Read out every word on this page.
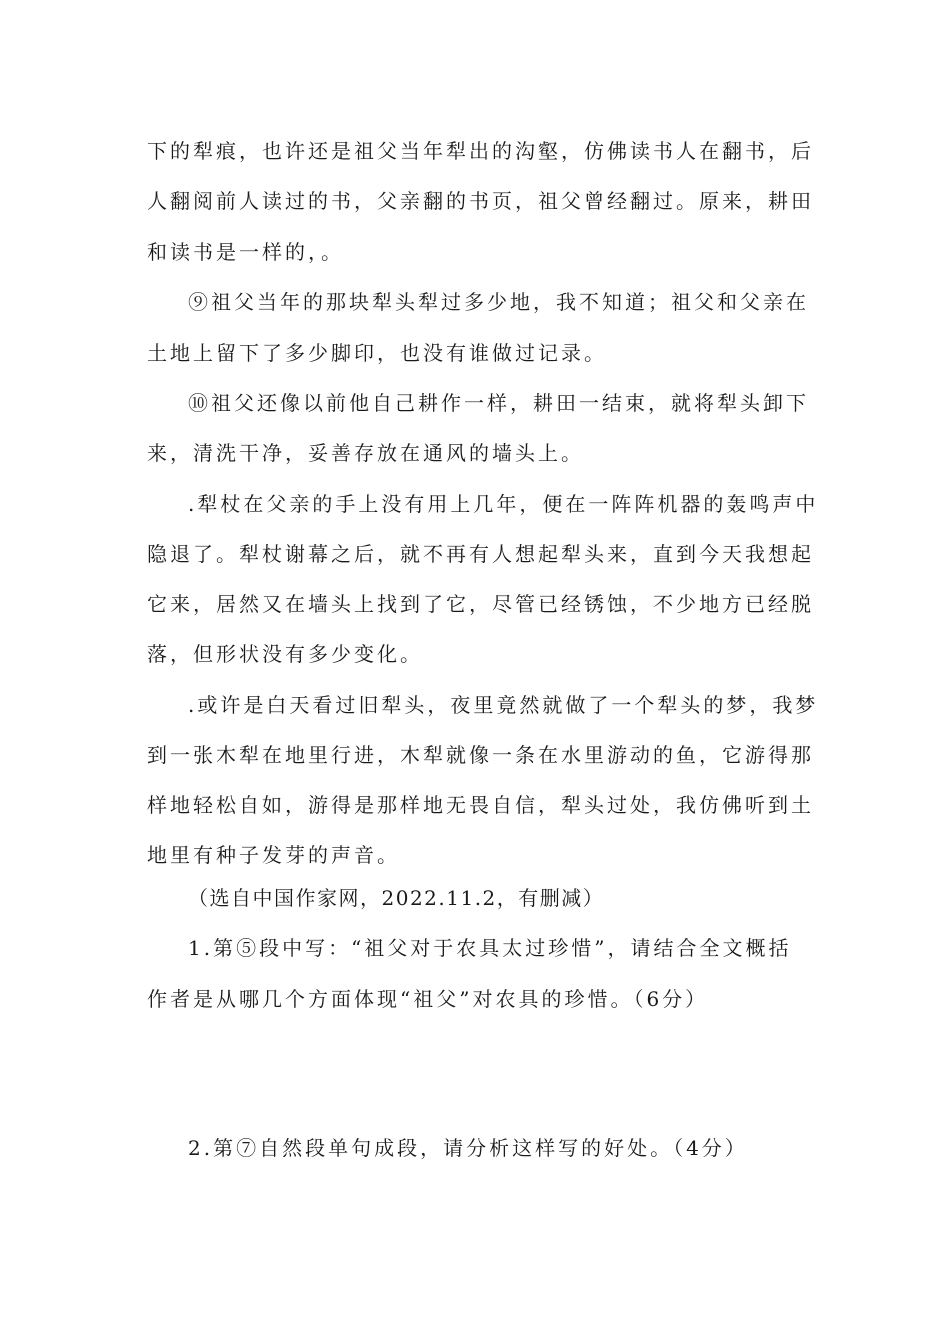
下的犁痕，也许还是祖父当年犁出的沟壑，仿佛读书人在翻书，后
人翻阅前人读过的书，父亲翻的书页，祖父曾经翻过。原来，耕田
和读书是一样的，。
⑨祖父当年的那块犁头犁过多少地，我不知道；祖父和父亲在
土地上留下了多少脚印，也没有谁做过记录。
⑩祖父还像以前他自己耕作一样，耕田一结束，就将犁头卸下
来，清洗干净，妥善存放在通风的墙头上。
.犁杖在父亲的手上没有用上几年，便在一阵阵机器的轰鸣声中
隐退了。犁杖谢幕之后，就不再有人想起犁头来，直到今天我想起
它来，居然又在墙头上找到了它，尽管已经锈蚀，不少地方已经脱
落，但形状没有多少变化。
.或许是白天看过旧犁头，夜里竟然就做了一个犁头的梦，我梦
到一张木犁在地里行进，木犁就像一条在水里游动的鱼，它游得那
样地轻松自如，游得是那样地无畏自信，犁头过处，我仿佛听到土
地里有种子发芽的声音。
（选自中国作家网，2022.11.2，有删减）
1.第⑤段中写：“祖父对于农具太过珍惜”，请结合全文概括
作者是从哪几个方面体现“祖父”对农具的珍惜。（6分）
2.第⑦自然段单句成段，请分析这样写的好处。（4分）
